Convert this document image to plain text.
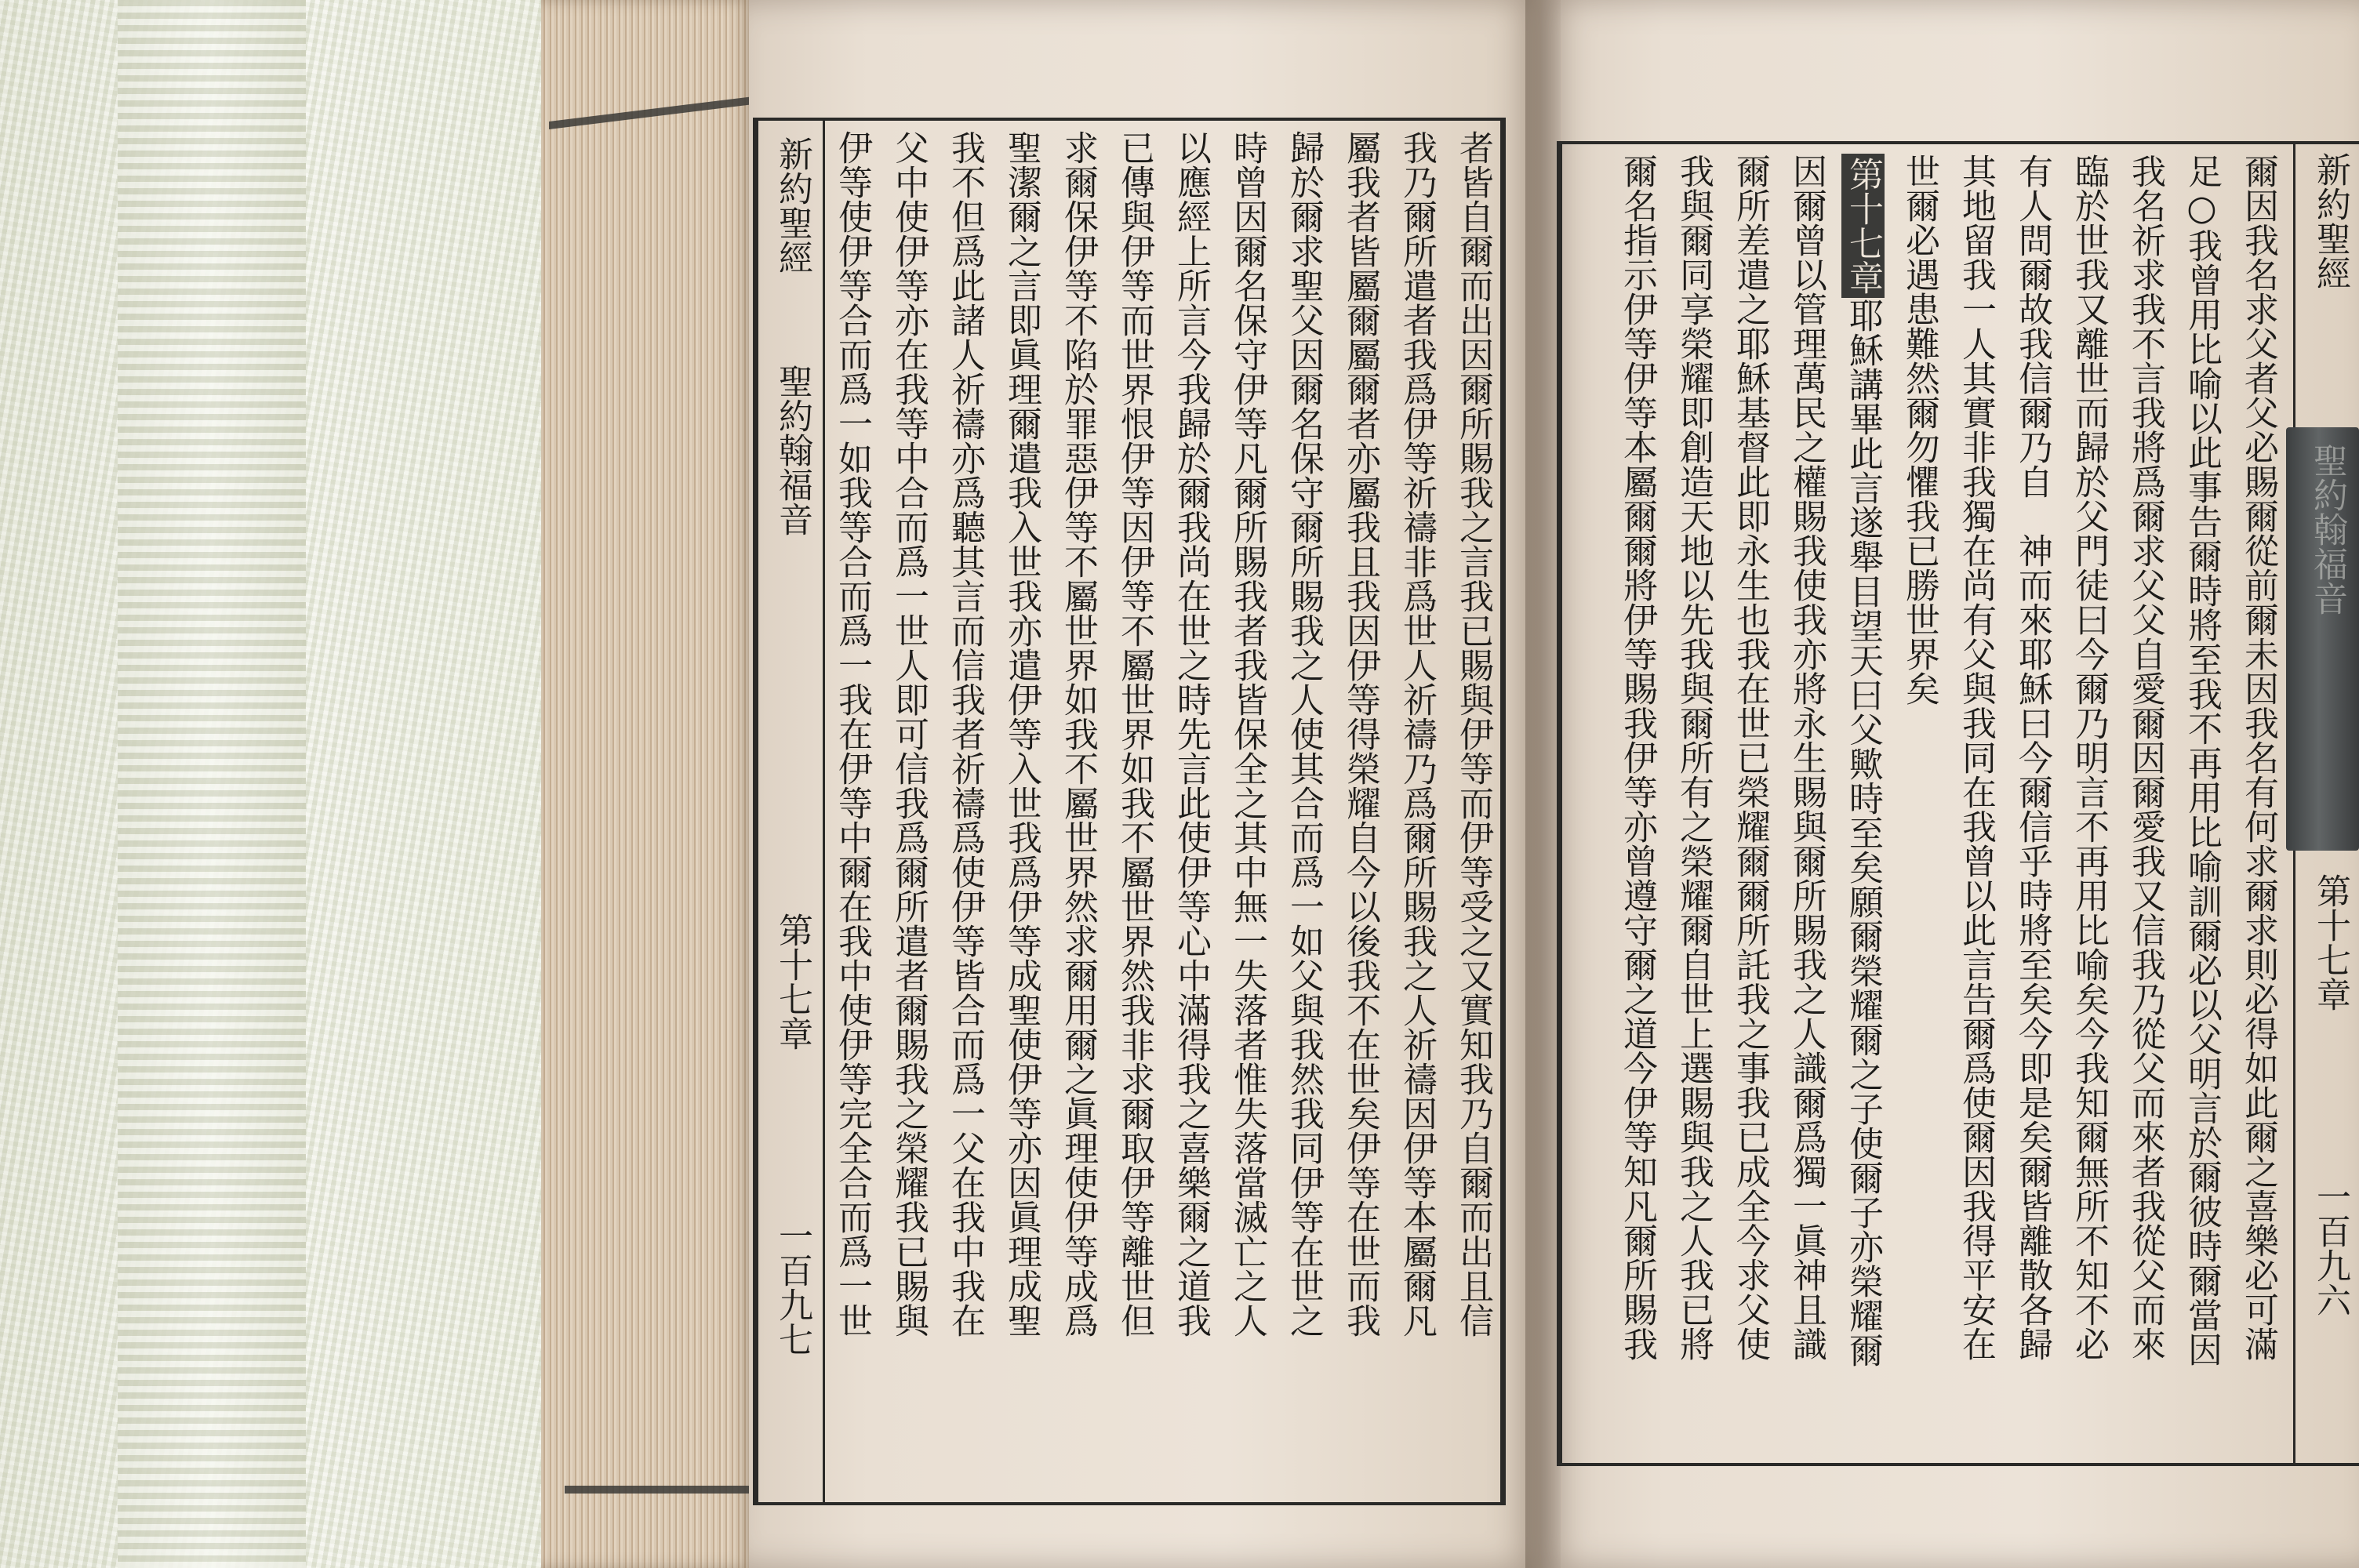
新約聖經
聖約翰福音
第十七章
一百九七	者皆自爾而出因爾所賜我之言我已賜與伊等而伊等受之又實知我乃自爾而出且信
我乃爾所遣者我爲伊等祈禱非爲世人祈禱乃爲爾所賜我之人祈禱因伊等本屬爾凡
屬我者皆屬爾屬爾者亦屬我且我因伊等得榮耀自今以後我不在世矣伊等在世而我
歸於爾求聖父因爾名保守爾所賜我之人使其合而爲一如父與我然我同伊等在世之
時曾因爾名保守伊等凡爾所賜我者我皆保全之其中無一失落者惟失落當滅亡之人
以應經上所言今我歸於爾我尚在世之時先言此使伊等心中滿得我之喜樂爾之道我
已傳與伊等而世界恨伊等因伊等不屬世界如我不屬世界然我非求爾取伊等離世但
求爾保伊等不陷於罪惡伊等不屬世界如我不屬世界然求爾用爾之眞理使伊等成爲
聖潔爾之言即眞理爾遣我入世我亦遣伊等入世我爲伊等成聖使伊等亦因眞理成聖
我不但爲此諸人祈禱亦爲聽其言而信我者祈禱爲使伊等皆合而爲一父在我中我在
父中使伊等亦在我等中合而爲一世人即可信我爲爾所遣者爾賜我之榮耀我已賜與
伊等使伊等合而爲一如我等合而爲一我在伊等中爾在我中使伊等完全合而爲一世	新約聖經
第十七章
一百九六
爾因我名求父者父必賜爾從前爾未因我名有何求爾求則必得如此爾之喜樂必可滿
足○我曾用比喻以此事告爾時將至我不再用比喻訓爾必以父明言於爾彼時爾當因
我名祈求我不言我將爲爾求父父自愛爾因爾愛我又信我乃從父而來者我從父而來
臨於世我又離世而歸於父門徒曰今爾乃明言不再用比喻矣今我知爾無所不知不必
有人問爾故我信爾乃自　神而來耶穌曰今爾信乎時將至矣今即是矣爾皆離散各歸
其地留我一人其實非我獨在尚有父與我同在我曾以此言告爾爲使爾因我得平安在
世爾必遇患難然爾勿懼我已勝世界矣
第十七章耶穌講畢此言遂舉目望天曰父歟時至矣願爾榮耀爾之子使爾子亦榮耀爾
因爾曾以管理萬民之權賜我使我亦將永生賜與爾所賜我之人識爾爲獨一眞神且識
爾所差遣之耶穌基督此即永生也我在世已榮耀爾爾所託我之事我已成全今求父使
我與爾同享榮耀即創造天地以先我與爾所有之榮耀爾自世上選賜與我之人我已將
爾名指示伊等伊等本屬爾爾將伊等賜我伊等亦曾遵守爾之道今伊等知凡爾所賜我	聖約翰福音
